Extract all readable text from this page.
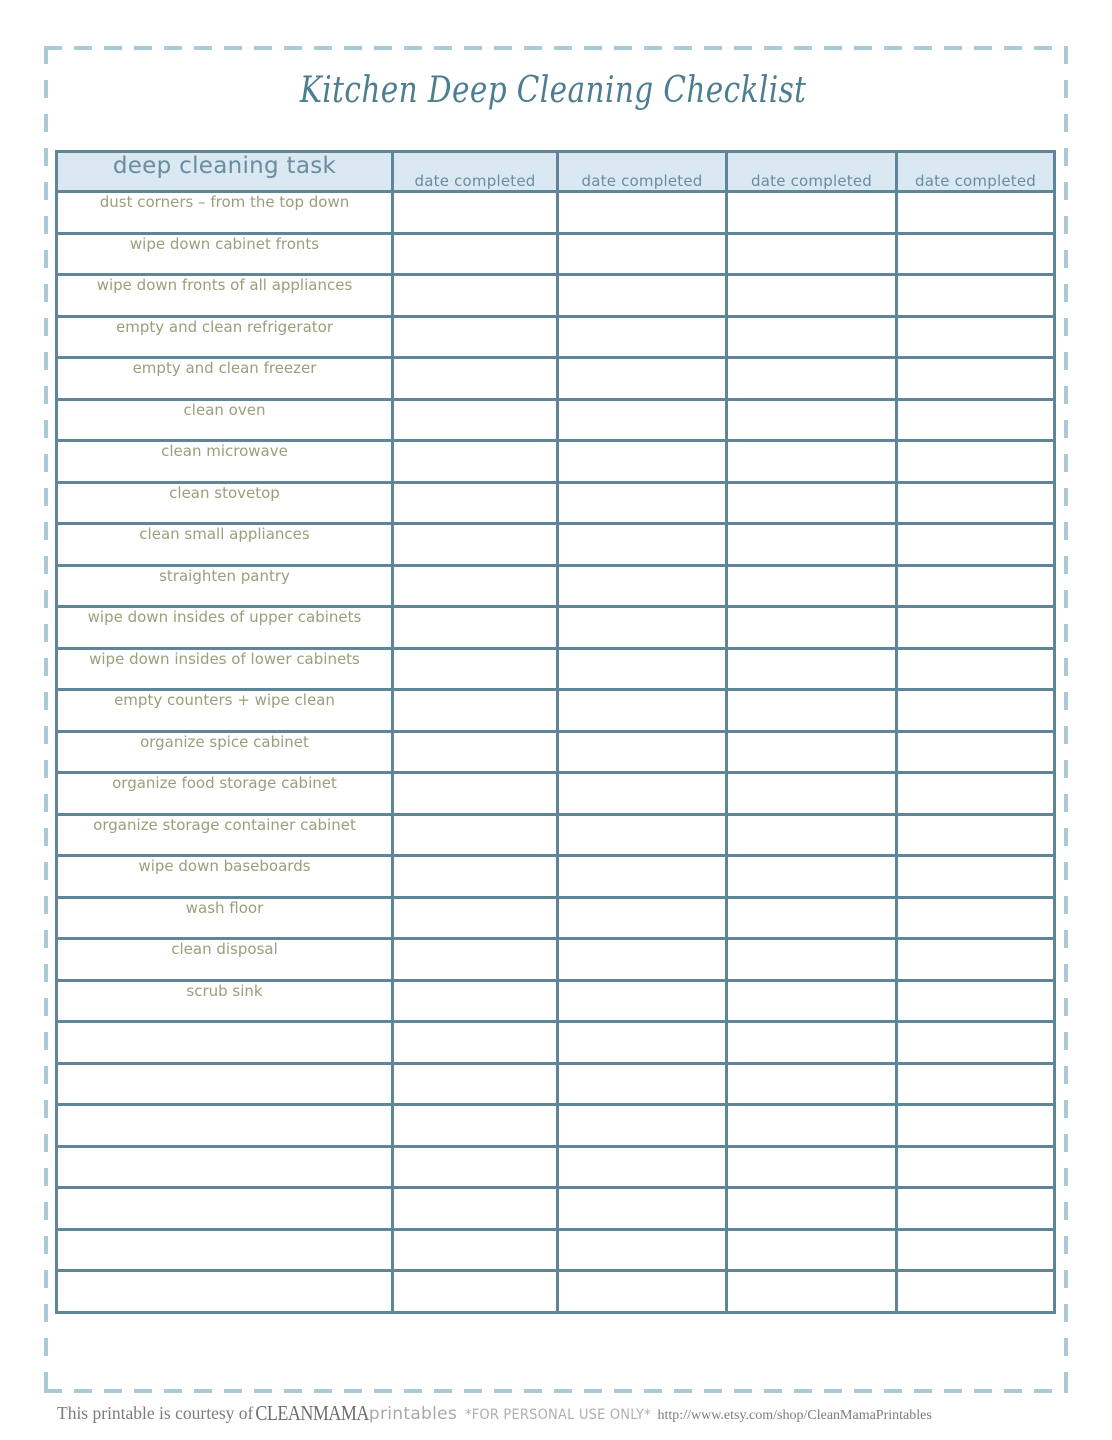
Kitchen Deep Cleaning Checklist
deep cleaning task	date completed	date completed	date completed	date completed
dust corners – from the top down				
wipe down cabinet fronts				
wipe down fronts of all appliances				
empty and clean refrigerator				
empty and clean freezer				
clean oven				
clean microwave				
clean stovetop				
clean small appliances				
straighten pantry				
wipe down insides of upper cabinets				
wipe down insides of lower cabinets				
empty counters + wipe clean				
organize spice cabinet				
organize food storage cabinet				
organize storage container cabinet				
wipe down baseboards				
wash floor				
clean disposal				
scrub sink				

This printable is courtesy of CLEANMAMA printables *FOR PERSONAL USE ONLY* http://www.etsy.com/shop/CleanMamaPrintables
